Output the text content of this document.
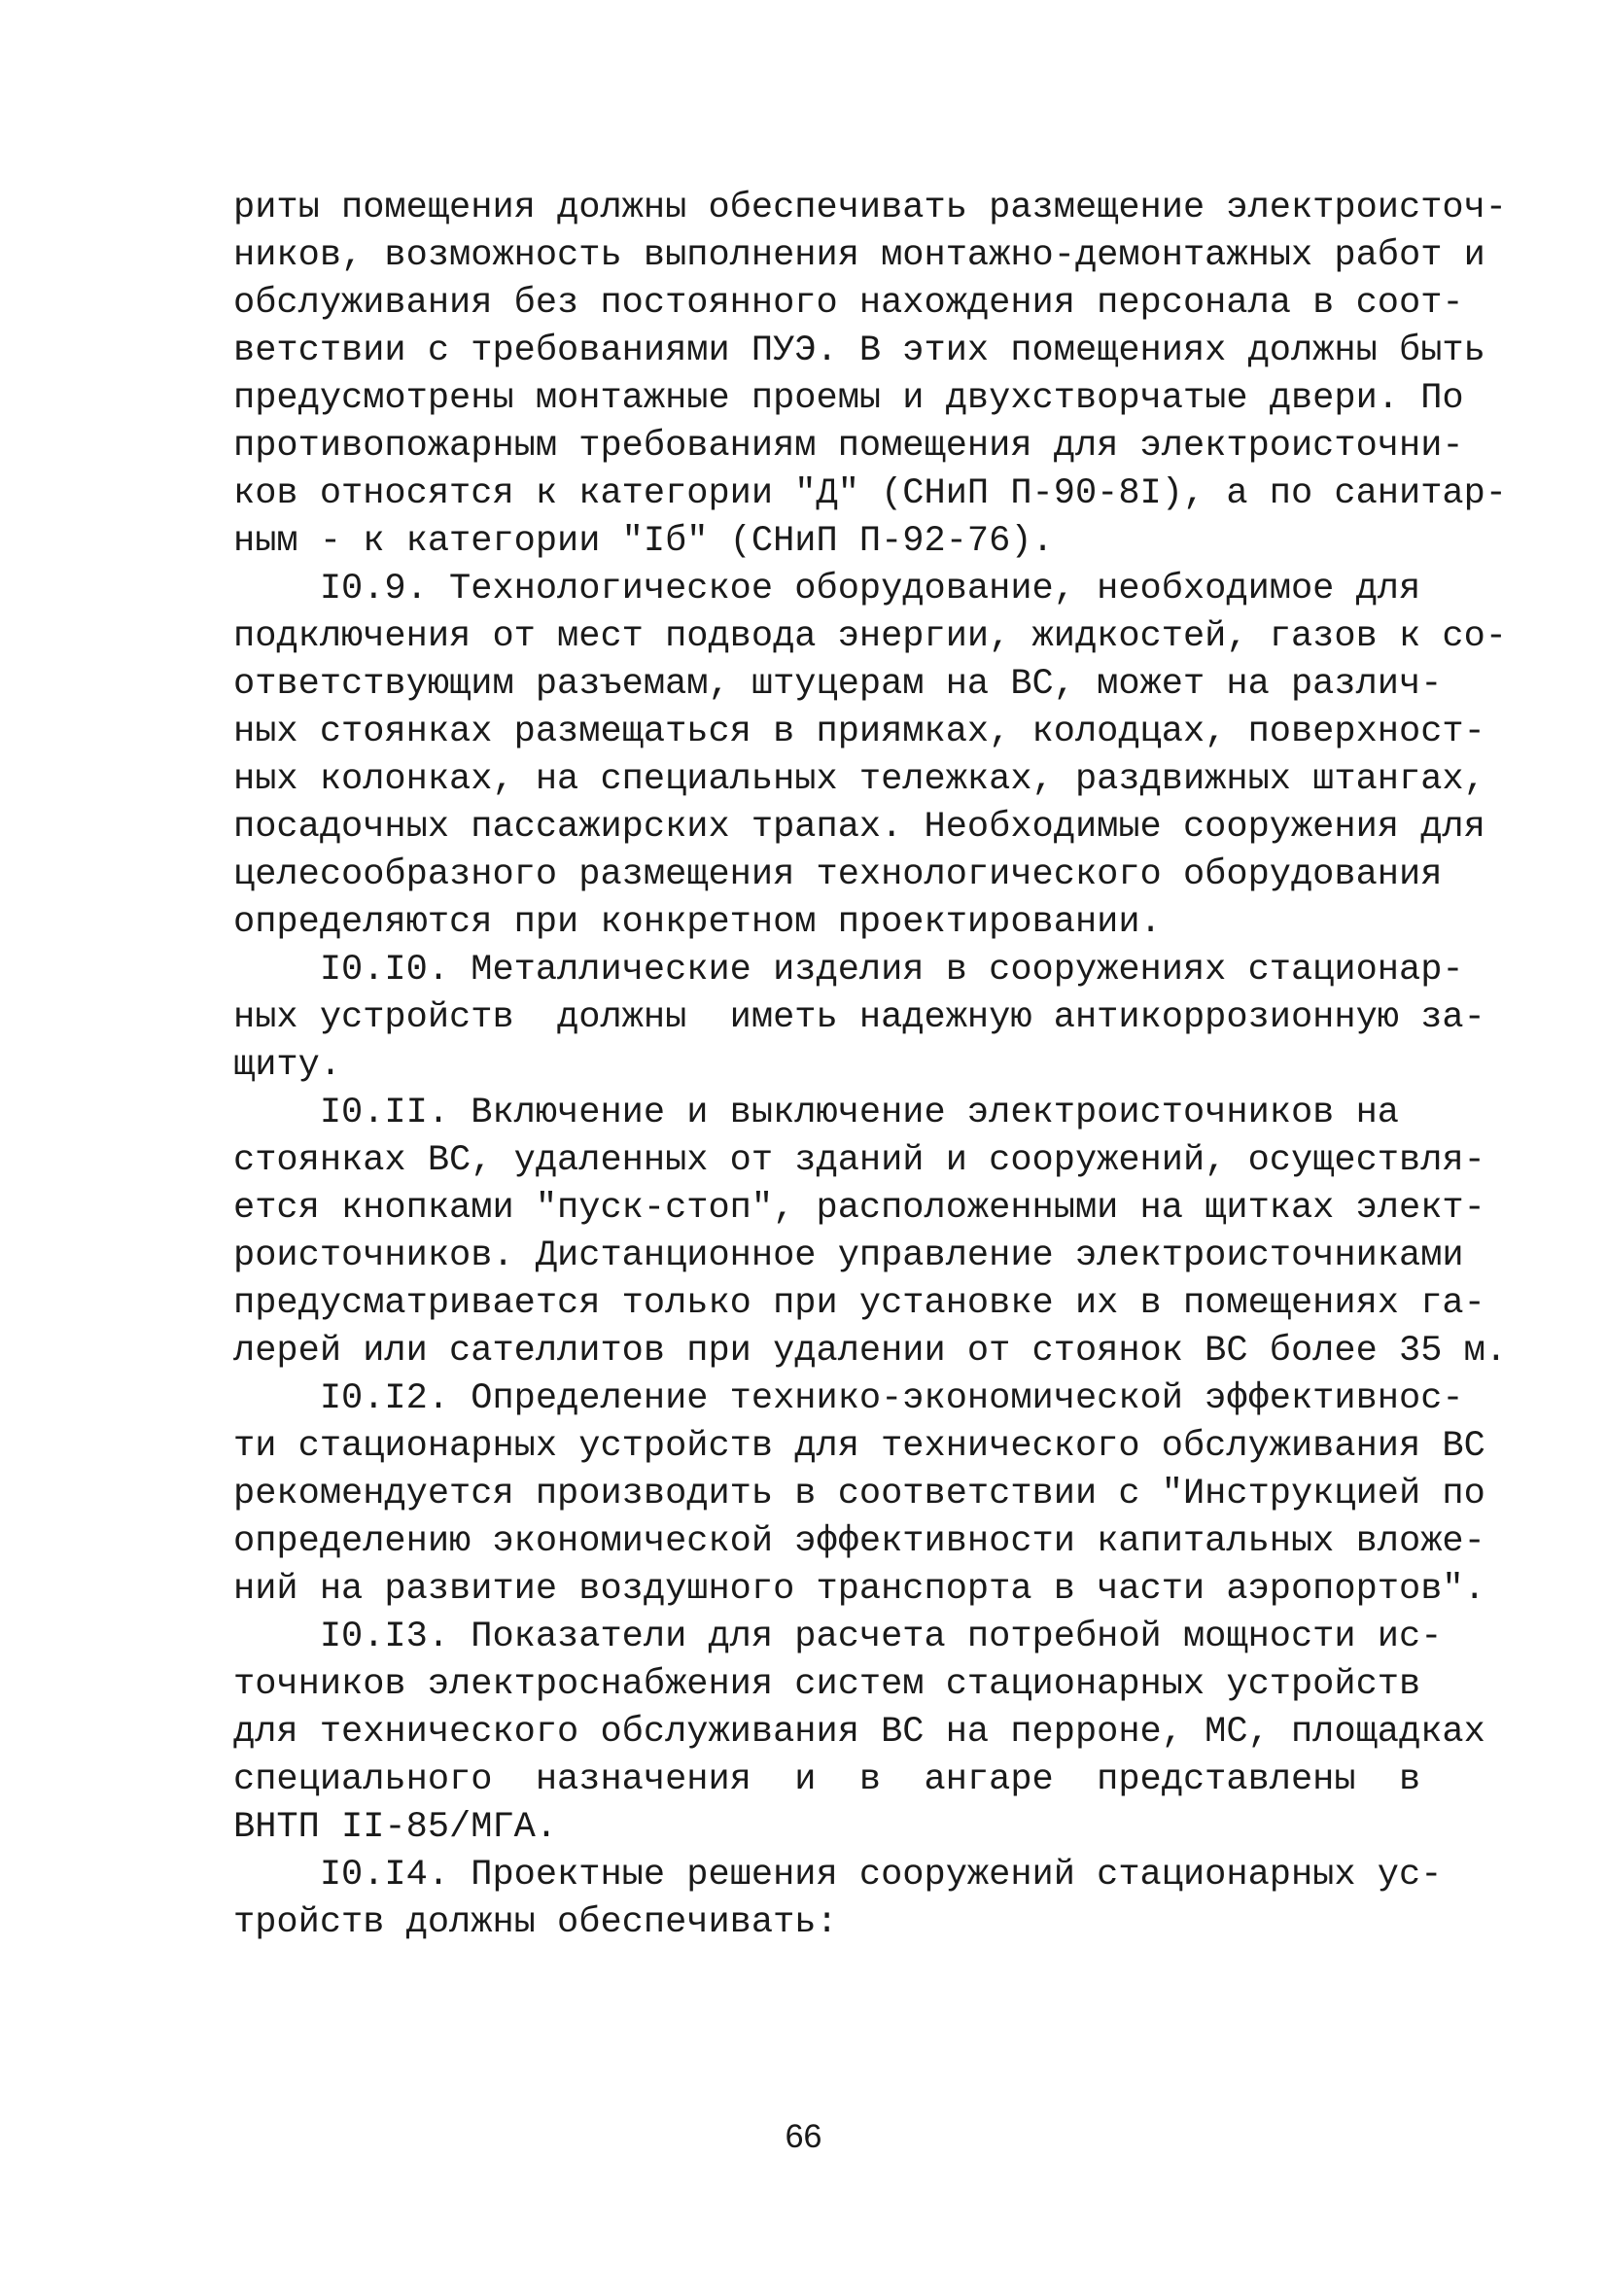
риты помещения должны обеспечивать размещение электроисточ-
ников, возможность выполнения монтажно-демонтажных работ и
обслуживания без постоянного нахождения персонала в соот-
ветствии с требованиями ПУЭ. В этих помещениях должны быть
предусмотрены монтажные проемы и двухстворчатые двери. По
противопожарным требованиям помещения для электроисточни-
ков относятся к категории "Д" (СНиП П-90-8I), а по санитар-
ным - к категории "Iб" (СНиП П-92-76).
I0.9. Технологическое оборудование, необходимое для
подключения от мест подвода энергии, жидкостей, газов к со-
ответствующим разъемам, штуцерам на ВС, может на различ-
ных стоянках размещаться в приямках, колодцах, поверхност-
ных колонках, на специальных тележках, раздвижных штангах,
посадочных пассажирских трапах. Необходимые сооружения для
целесообразного размещения технологического оборудования
определяются при конкретном проектировании.
I0.I0. Металлические изделия в сооружениях стационар-
ных устройств  должны  иметь надежную антикоррозионную за-
щиту.
I0.II. Включение и выключение электроисточников на
стоянках ВС, удаленных от зданий и сооружений, осуществля-
ется кнопками "пуск-стоп", расположенными на щитках элект-
роисточников. Дистанционное управление электроисточниками
предусматривается только при установке их в помещениях га-
лерей или сателлитов при удалении от стоянок ВС более 35 м.
I0.I2. Определение технико-экономической эффективнос-
ти стационарных устройств для технического обслуживания ВС
рекомендуется производить в соответствии с "Инструкцией по
определению экономической эффективности капитальных вложе-
ний на развитие воздушного транспорта в части аэропортов".
I0.I3. Показатели для расчета потребной мощности ис-
точников электроснабжения систем стационарных устройств
для технического обслуживания ВС на перроне, МС, площадках
специального  назначения  и  в  ангаре  представлены  в
ВНТП II-85/МГА.
I0.I4. Проектные решения сооружений стационарных ус-
тройств должны обеспечивать:
66
